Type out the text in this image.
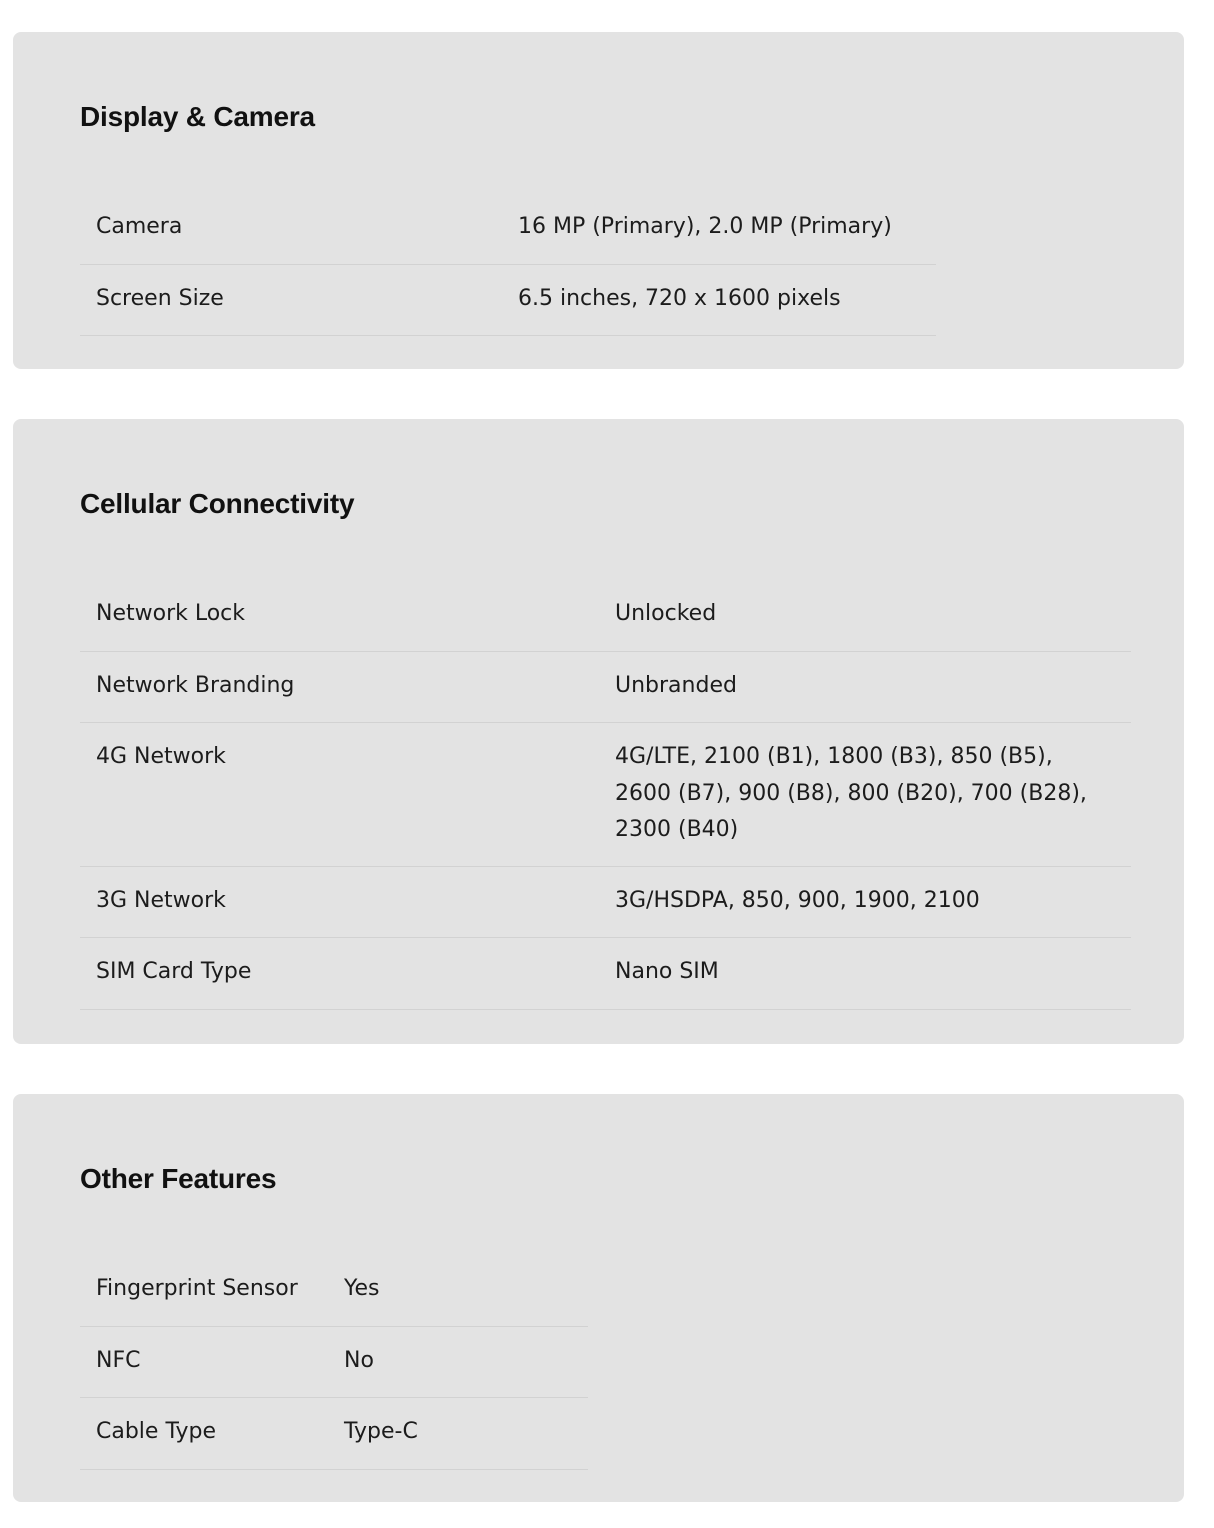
Display & Camera
Camera	16 MP (Primary), 2.0 MP (Primary)
Screen Size	6.5 inches, 720 x 1600 pixels
Cellular Connectivity
Network Lock	Unlocked
Network Branding	Unbranded
4G Network	4G/LTE, 2100 (B1), 1800 (B3), 850 (B5), 2600 (B7), 900 (B8), 800 (B20), 700 (B28), 2300 (B40)
3G Network	3G/HSDPA, 850, 900, 1900, 2100
SIM Card Type	Nano SIM
Other Features
Fingerprint Sensor	Yes
NFC	No
Cable Type	Type-C
